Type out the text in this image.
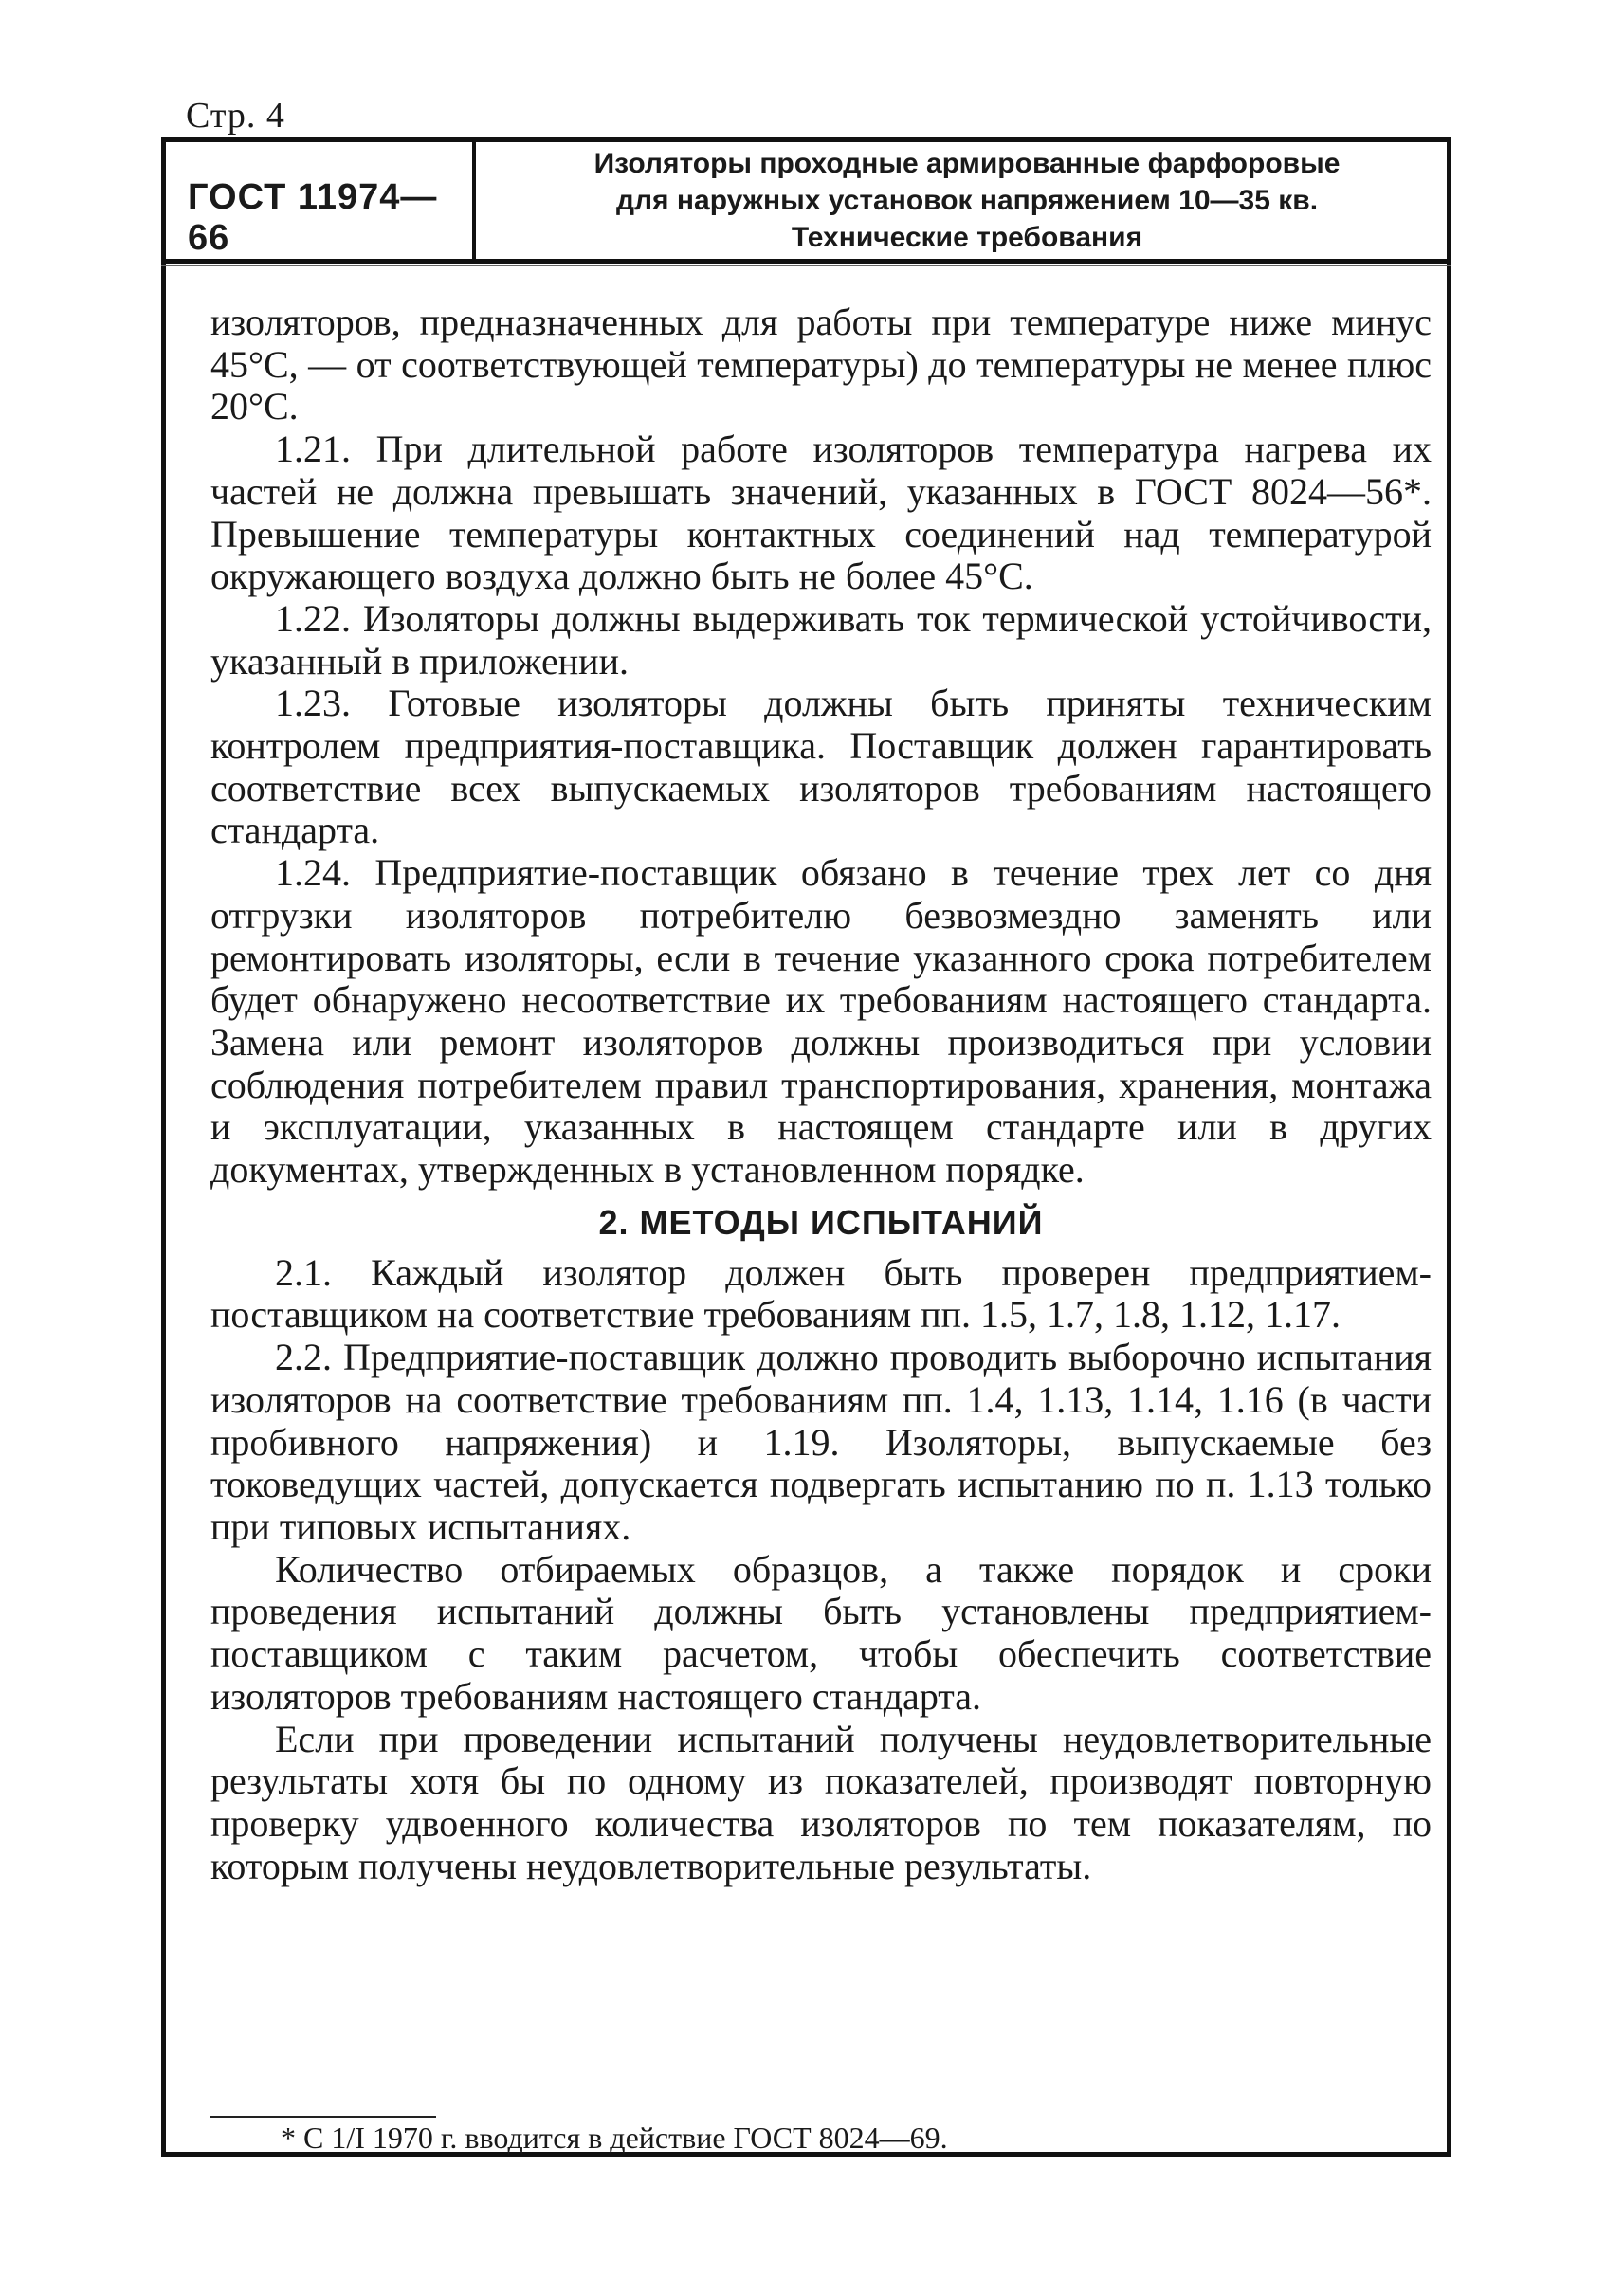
Стр. 4
ГОСТ 11974—66
Изоляторы проходные армированные фарфоровые
для наружных установок напряжением 10—35 кв.
Технические требования

изоляторов, предназначенных для работы при температуре ниже минус 45°С, — от соответствующей температуры) до температуры не менее плюс 20°С.

1.21. При длительной работе изоляторов температура нагрева их частей не должна превышать значений, указанных в ГОСТ 8024—56*. Превышение температуры контактных соединений над температурой окружающего воздуха должно быть не более 45°С.

1.22. Изоляторы должны выдерживать ток термической устойчивости, указанный в приложении.

1.23. Готовые изоляторы должны быть приняты техническим контролем предприятия-поставщика. Поставщик должен гарантировать соответствие всех выпускаемых изоляторов требованиям настоящего стандарта.

1.24. Предприятие-поставщик обязано в течение трех лет со дня отгрузки изоляторов потребителю безвозмездно заменять или ремонтировать изоляторы, если в течение указанного срока потребителем будет обнаружено несоответствие их требованиям настоящего стандарта. Замена или ремонт изоляторов должны производиться при условии соблюдения потребителем правил транспортирования, хранения, монтажа и эксплуатации, указанных в настоящем стандарте или в других документах, утвержденных в установленном порядке.

2. МЕТОДЫ ИСПЫТАНИЙ

2.1. Каждый изолятор должен быть проверен предприятием-поставщиком на соответствие требованиям пп. 1.5, 1.7, 1.8, 1.12, 1.17.

2.2. Предприятие-поставщик должно проводить выборочно испытания изоляторов на соответствие требованиям пп. 1.4, 1.13, 1.14, 1.16 (в части пробивного напряжения) и 1.19. Изоляторы, выпускаемые без токоведущих частей, допускается подвергать испытанию по п. 1.13 только при типовых испытаниях.

Количество отбираемых образцов, а также порядок и сроки проведения испытаний должны быть установлены предприятием-поставщиком с таким расчетом, чтобы обеспечить соответствие изоляторов требованиям настоящего стандарта.

Если при проведении испытаний получены неудовлетворительные результаты хотя бы по одному из показателей, производят повторную проверку удвоенного количества изоляторов по тем показателям, по которым получены неудовлетворительные результаты.

* С 1/I 1970 г. вводится в действие ГОСТ 8024—69.
